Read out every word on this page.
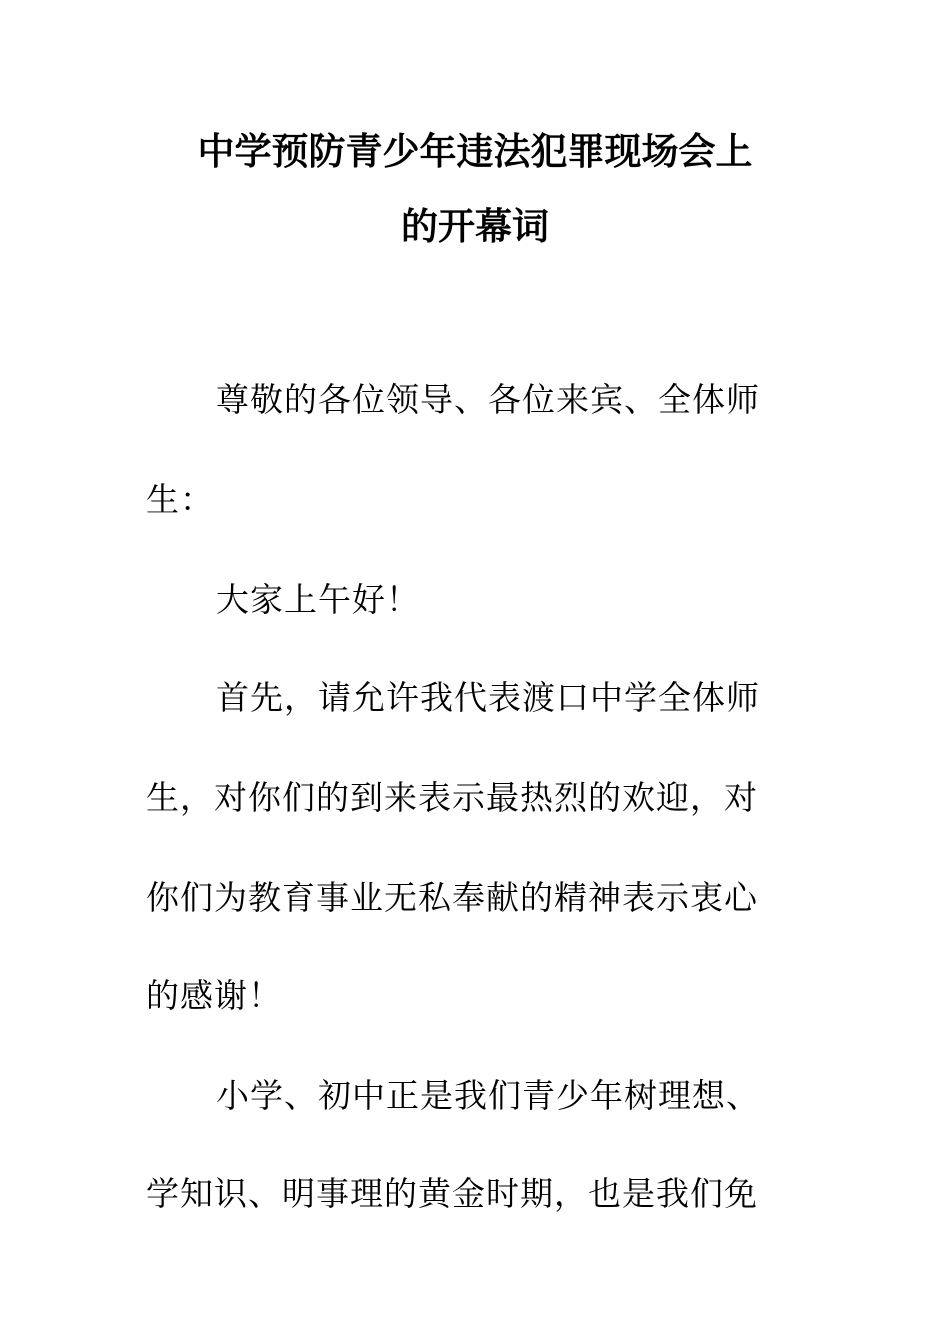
中学预防青少年违法犯罪现场会上
的开幕词
尊敬的各位领导、各位来宾、全体师
生：
大家上午好！
首先，请允许我代表渡口中学全体师
生，对你们的到来表示最热烈的欢迎，对
你们为教育事业无私奉献的精神表示衷心
的感谢！
小学、初中正是我们青少年树理想、
学知识、明事理的黄金时期，也是我们免
